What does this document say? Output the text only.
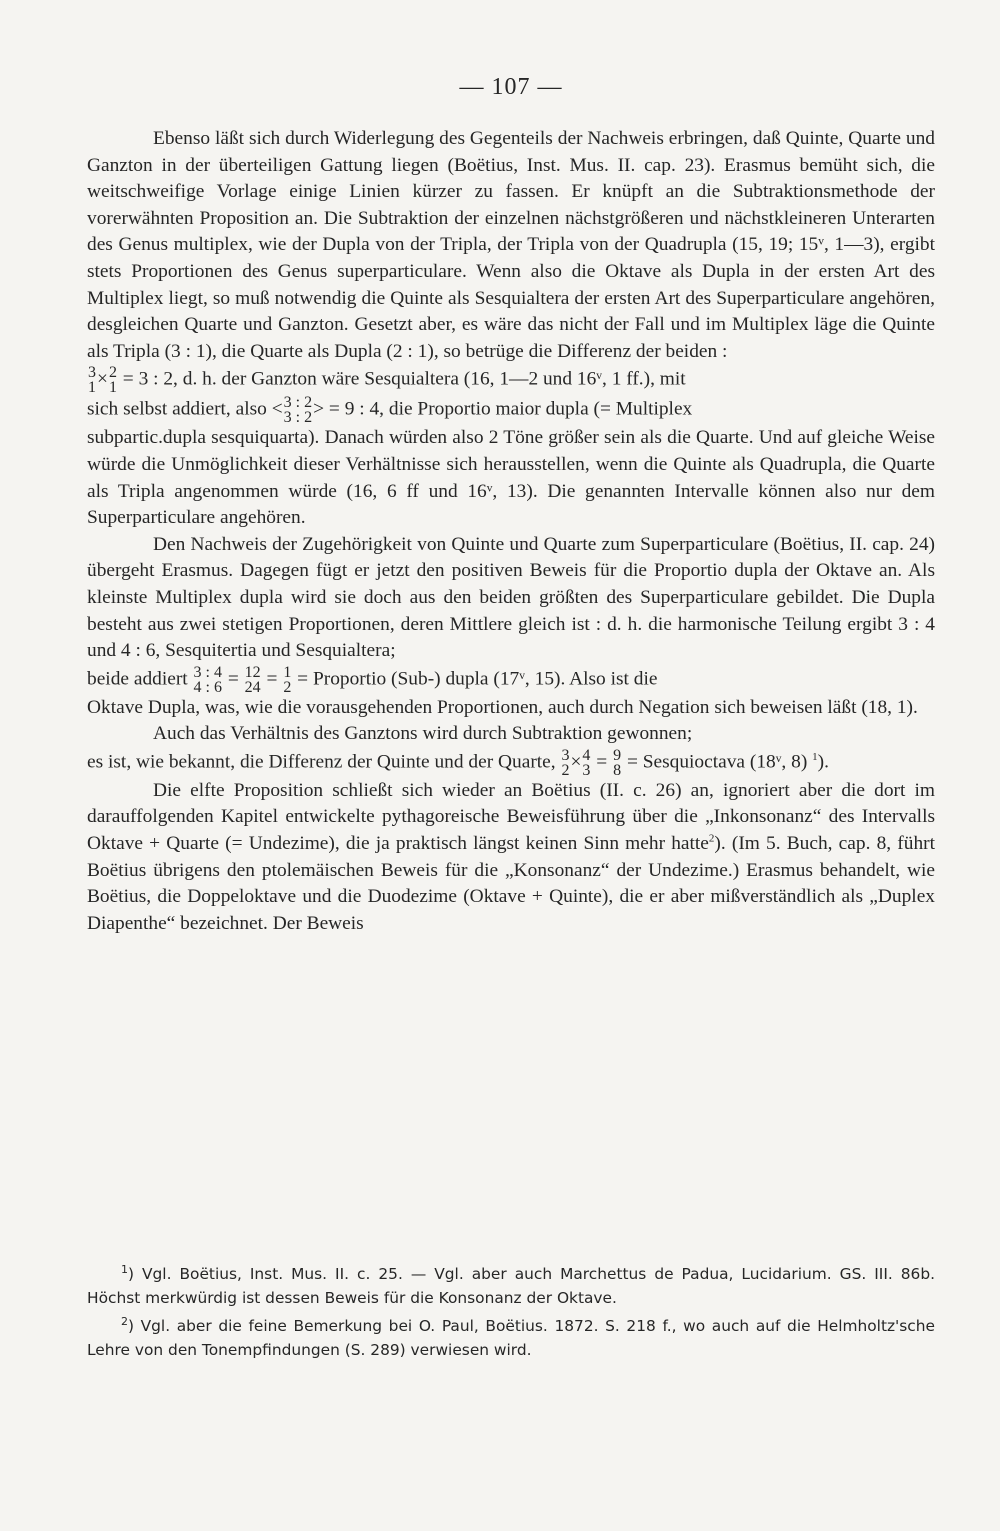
— 107 —

Ebenso läßt sich durch Widerlegung des Gegenteils der Nachweis erbringen, daß Quinte, Quarte und Ganzton in der überteiligen Gattung liegen (Boëtius, Inst. Mus. II. cap. 23). Erasmus bemüht sich, die weitschweifige Vorlage einige Linien kürzer zu fassen. Er knüpft an die Subtraktionsmethode der vorerwähnten Proposition an. Die Subtraktion der einzelnen nächstgrößeren und nächstkleineren Unterarten des Genus multiplex, wie der Dupla von der Tripla, der Tripla von der Quadrupla (15, 19; 15ᵛ, 1—3), ergibt stets Proportionen des Genus superparticulare. Wenn also die Oktave als Dupla in der ersten Art des Multiplex liegt, so muß notwendig die Quinte als Sesquialtera der ersten Art des Superparticulare angehören, desgleichen Quarte und Ganzton. Gesetzt aber, es wäre das nicht der Fall und im Multiplex läge die Quinte als Tripla (3 : 1), die Quarte als Dupla (2 : 1), so betrüge die Differenz der beiden :

3
1 × 2
1 = 3 : 2, d. h. der Ganzton wäre Sesquialtera (16, 1—2 und 16ᵛ, 1 ff.), mit

sich selbst addiert, also < 3 : 2
3 : 2 > = 9 : 4, die Proportio maior dupla (= Multiplex

subpartic.dupla sesquiquarta). Danach würden also 2 Töne größer sein als die Quarte. Und auf gleiche Weise würde die Unmöglichkeit dieser Verhältnisse sich herausstellen, wenn die Quinte als Quadrupla, die Quarte als Tripla angenommen würde (16, 6 ff und 16ᵛ, 13). Die genannten Intervalle können also nur dem Superparticulare angehören.

Den Nachweis der Zugehörigkeit von Quinte und Quarte zum Superparticulare (Boëtius, II. cap. 24) übergeht Erasmus. Dagegen fügt er jetzt den positiven Beweis für die Proportio dupla der Oktave an. Als kleinste Multiplex dupla wird sie doch aus den beiden größten des Superparticulare gebildet. Die Dupla besteht aus zwei stetigen Proportionen, deren Mittlere gleich ist : d. h. die harmonische Teilung ergibt 3 : 4 und 4 : 6, Sesquitertia und Sesquialtera;

beide addiert 3 : 4
4 : 6 = 12
24 = 1
2 = Proportio (Sub-) dupla (17ᵛ, 15). Also ist die

Oktave Dupla, was, wie die vorausgehenden Proportionen, auch durch Negation sich beweisen läßt (18, 1).

Auch das Verhältnis des Ganztons wird durch Subtraktion gewonnen;

es ist, wie bekannt, die Differenz der Quinte und der Quarte, 3
2 × 4
3 = 9
8 = Sesquioctava (18ᵛ, 8) $^1$).

Die elfte Proposition schließt sich wieder an Boëtius (II. c. 26) an, ignoriert aber die dort im darauffolgenden Kapitel entwickelte pythagoreische Beweisführung über die „Inkonsonanz“ des Intervalls Oktave + Quarte (= Undezime), die ja praktisch längst keinen Sinn mehr hatte$^2$). (Im 5. Buch, cap. 8, führt Boëtius übrigens den ptolemäischen Beweis für die „Konsonanz“ der Undezime.) Erasmus behandelt, wie Boëtius, die Doppeloktave und die Duodezime (Oktave + Quinte), die er aber mißverständlich als „Duplex Diapenthe“ bezeichnet. Der Beweis

$^1$) Vgl. Boëtius, Inst. Mus. II. c. 25. — Vgl. aber auch Marchettus de Padua, Lucidarium. GS. III. 86b. Höchst merkwürdig ist dessen Beweis für die Konsonanz der Oktave.

$^2$) Vgl. aber die feine Bemerkung bei O. Paul, Boëtius. 1872. S. 218 f., wo auch auf die Helmholtz'sche Lehre von den Tonempfindungen (S. 289) verwiesen wird.
